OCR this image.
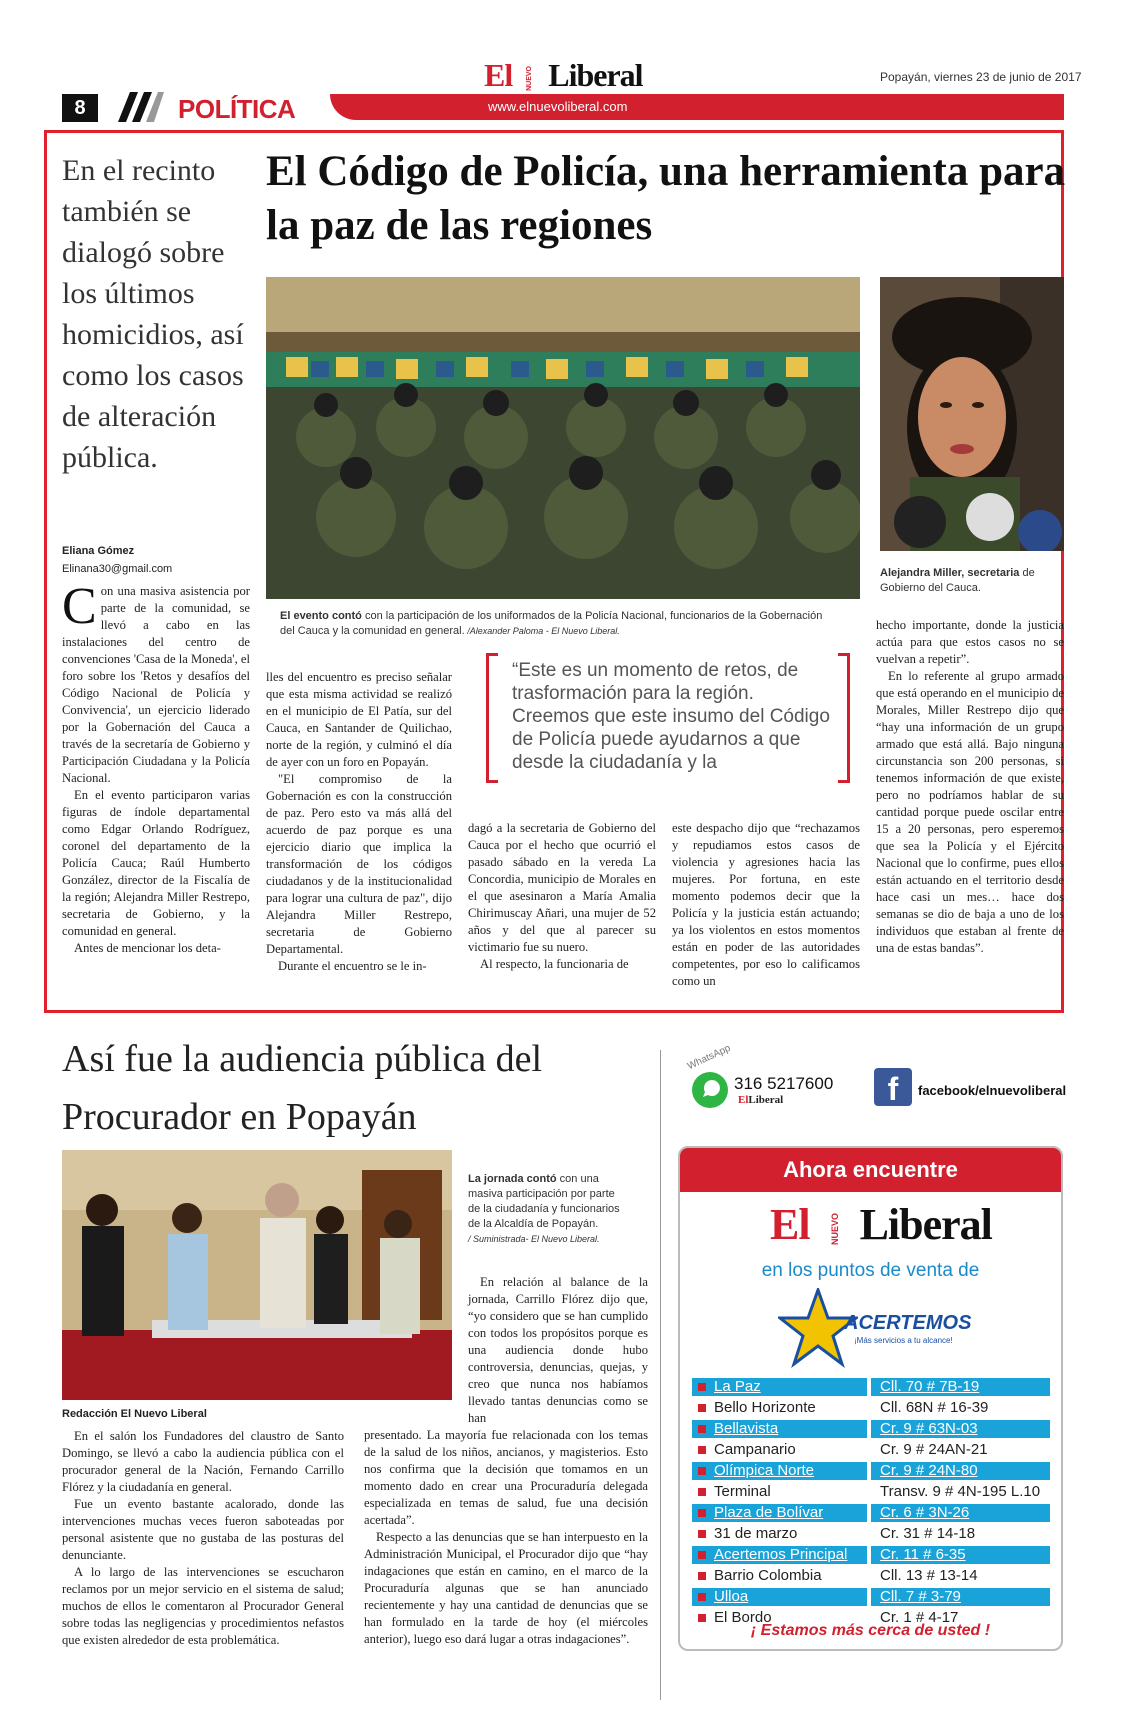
El NUEVO Liberal	Popayán, viernes 23 de junio de 2017
8	POLÍTICA	www.elnuevoliberal.com
En el recinto también se dialogó sobre los últimos homicidios, así como los casos de alteración pública.
El Código de Policía, una herramienta para la paz de las regiones
El evento contó con la participación de los uniformados de la Policía Nacional, funcionarios de la Gobernación del Cauca y la comunidad en general. /Alexander Paloma - El Nuevo Liberal.
Alejandra Miller, secretaria de Gobierno del Cauca.
Eliana Gómez
Elinana30@gmail.com

Con una masiva asistencia por parte de la comunidad, se llevó a cabo en las instalaciones del centro de convenciones 'Casa de la Moneda', el foro sobre los 'Retos y desafíos del Código Nacional de Policía y Convivencia', un ejercicio liderado por la Gobernación del Cauca a través de la secretaría de Gobierno y Participación Ciudadana y la Policía Nacional.

En el evento participaron varias figuras de índole departamental como Edgar Orlando Rodríguez, coronel del departamento de la Policía Cauca; Raúl Humberto González, director de la Fiscalía de la región; Alejandra Miller Restrepo, secretaria de Gobierno, y la comunidad en general.

Antes de mencionar los deta-

lles del encuentro es preciso señalar que esta misma actividad se realizó en el municipio de El Patía, sur del Cauca, en Santander de Quilichao, norte de la región, y culminó el día de ayer con un foro en Popayán.

"El compromiso de la Gobernación es con la construcción de paz. Pero esto va más allá del acuerdo de paz porque es una ejercicio diario que implica la transformación de los códigos ciudadanos y de la institucionalidad para lograr una cultura de paz", dijo Alejandra Miller Restrepo, secretaria de Gobierno Departamental.

Durante el encuentro se le in-

“Este es un momento de retos, de trasformación para la región. Creemos que este insumo del Código de Policía puede ayudarnos a que desde la ciudadanía y la

dagó a la secretaria de Gobierno del Cauca por el hecho que ocurrió el pasado sábado en la vereda La Concordia, municipio de Morales en el que asesinaron a María Amalia Chirimuscay Añari, una mujer de 52 años y del que al parecer su victimario fue su nuero.

Al respecto, la funcionaria de

este despacho dijo que “rechazamos y repudiamos estos casos de violencia y agresiones hacia las mujeres. Por fortuna, en este momento podemos decir que la Policía y la justicia están actuando; ya los violentos en estos momentos están en poder de las autoridades competentes, por eso lo calificamos como un

hecho importante, donde la justicia actúa para que estos casos no se vuelvan a repetir”.

En lo referente al grupo armado que está operando en el municipio de Morales, Miller Restrepo dijo que “hay una información de un grupo armado que está allá. Bajo ninguna circunstancia son 200 personas, si tenemos información de que existe, pero no podríamos hablar de su cantidad porque puede oscilar entre 15 a 20 personas, pero esperemos que sea la Policía y el Ejército Nacional que lo confirme, pues ellos están actuando en el territorio desde hace casi un mes… hace dos semanas se dio de baja a uno de los individuos que estaban al frente de una de estas bandas”.

Así fue la audiencia pública del Procurador en Popayán
La jornada contó con una masiva participación por parte de la ciudadanía y funcionarios de la Alcaldía de Popayán.
/ Suministrada- El Nuevo Liberal.
Redacción El Nuevo Liberal

En el salón los Fundadores del claustro de Santo Domingo, se llevó a cabo la audiencia pública con el procurador general de la Nación, Fernando Carrillo Flórez y la ciudadanía en general.

Fue un evento bastante acalorado, donde las intervenciones muchas veces fueron saboteadas por personal asistente que no gustaba de las posturas del denunciante.

A lo largo de las intervenciones se escucharon reclamos por un mejor servicio en el sistema de salud; muchos de ellos le comentaron al Procurador General sobre todas las negligencias y procedimientos nefastos que existen alrededor de esta problemática.

En relación al balance de la jornada, Carrillo Flórez dijo que, “yo considero que se han cumplido con todos los propósitos porque es una audiencia donde hubo controversia, denuncias, quejas, y creo que nunca nos habíamos llevado tantas denuncias como se han

presentado. La mayoría fue relacionada con los temas de la salud de los niños, ancianos, y magisterios. Esto nos confirma que la decisión que tomamos en un momento dado en crear una Procuraduría delegada especializada en temas de salud, fue una decisión acertada”.

Respecto a las denuncias que se han interpuesto en la Administración Municipal, el Procurador dijo que “hay indagaciones que están en camino, en el marco de la Procuraduría algunas que se han anunciado recientemente y hay una cantidad de denuncias que se han formulado en la tarde de hoy (el miércoles anterior), luego eso dará lugar a otras indagaciones”.

WhatsApp
316 5217600
ElLiberal	f	facebook/elnuevoliberal
Ahora encuentre
El NUEVO Liberal
en los puntos de venta de
ACERTEMOS
¡Más servicios a tu alcance!
La Paz	Cll. 70 # 7B-19
Bello Horizonte	Cll. 68N # 16-39
Bellavista	Cr. 9 # 63N-03
Campanario	Cr. 9 # 24AN-21
Olímpica Norte	Cr. 9 # 24N-80
Terminal	Transv. 9 # 4N-195 L.10
Plaza de Bolívar	Cr. 6 # 3N-26
31 de marzo	Cr. 31 # 14-18
Acertemos Principal Cr. 11 # 6-35
Barrio Colombia	Cll. 13 # 13-14
Ulloa	Cll. 7 # 3-79
El Bordo	Cr. 1 # 4-17
¡ Estamos más cerca de usted !
